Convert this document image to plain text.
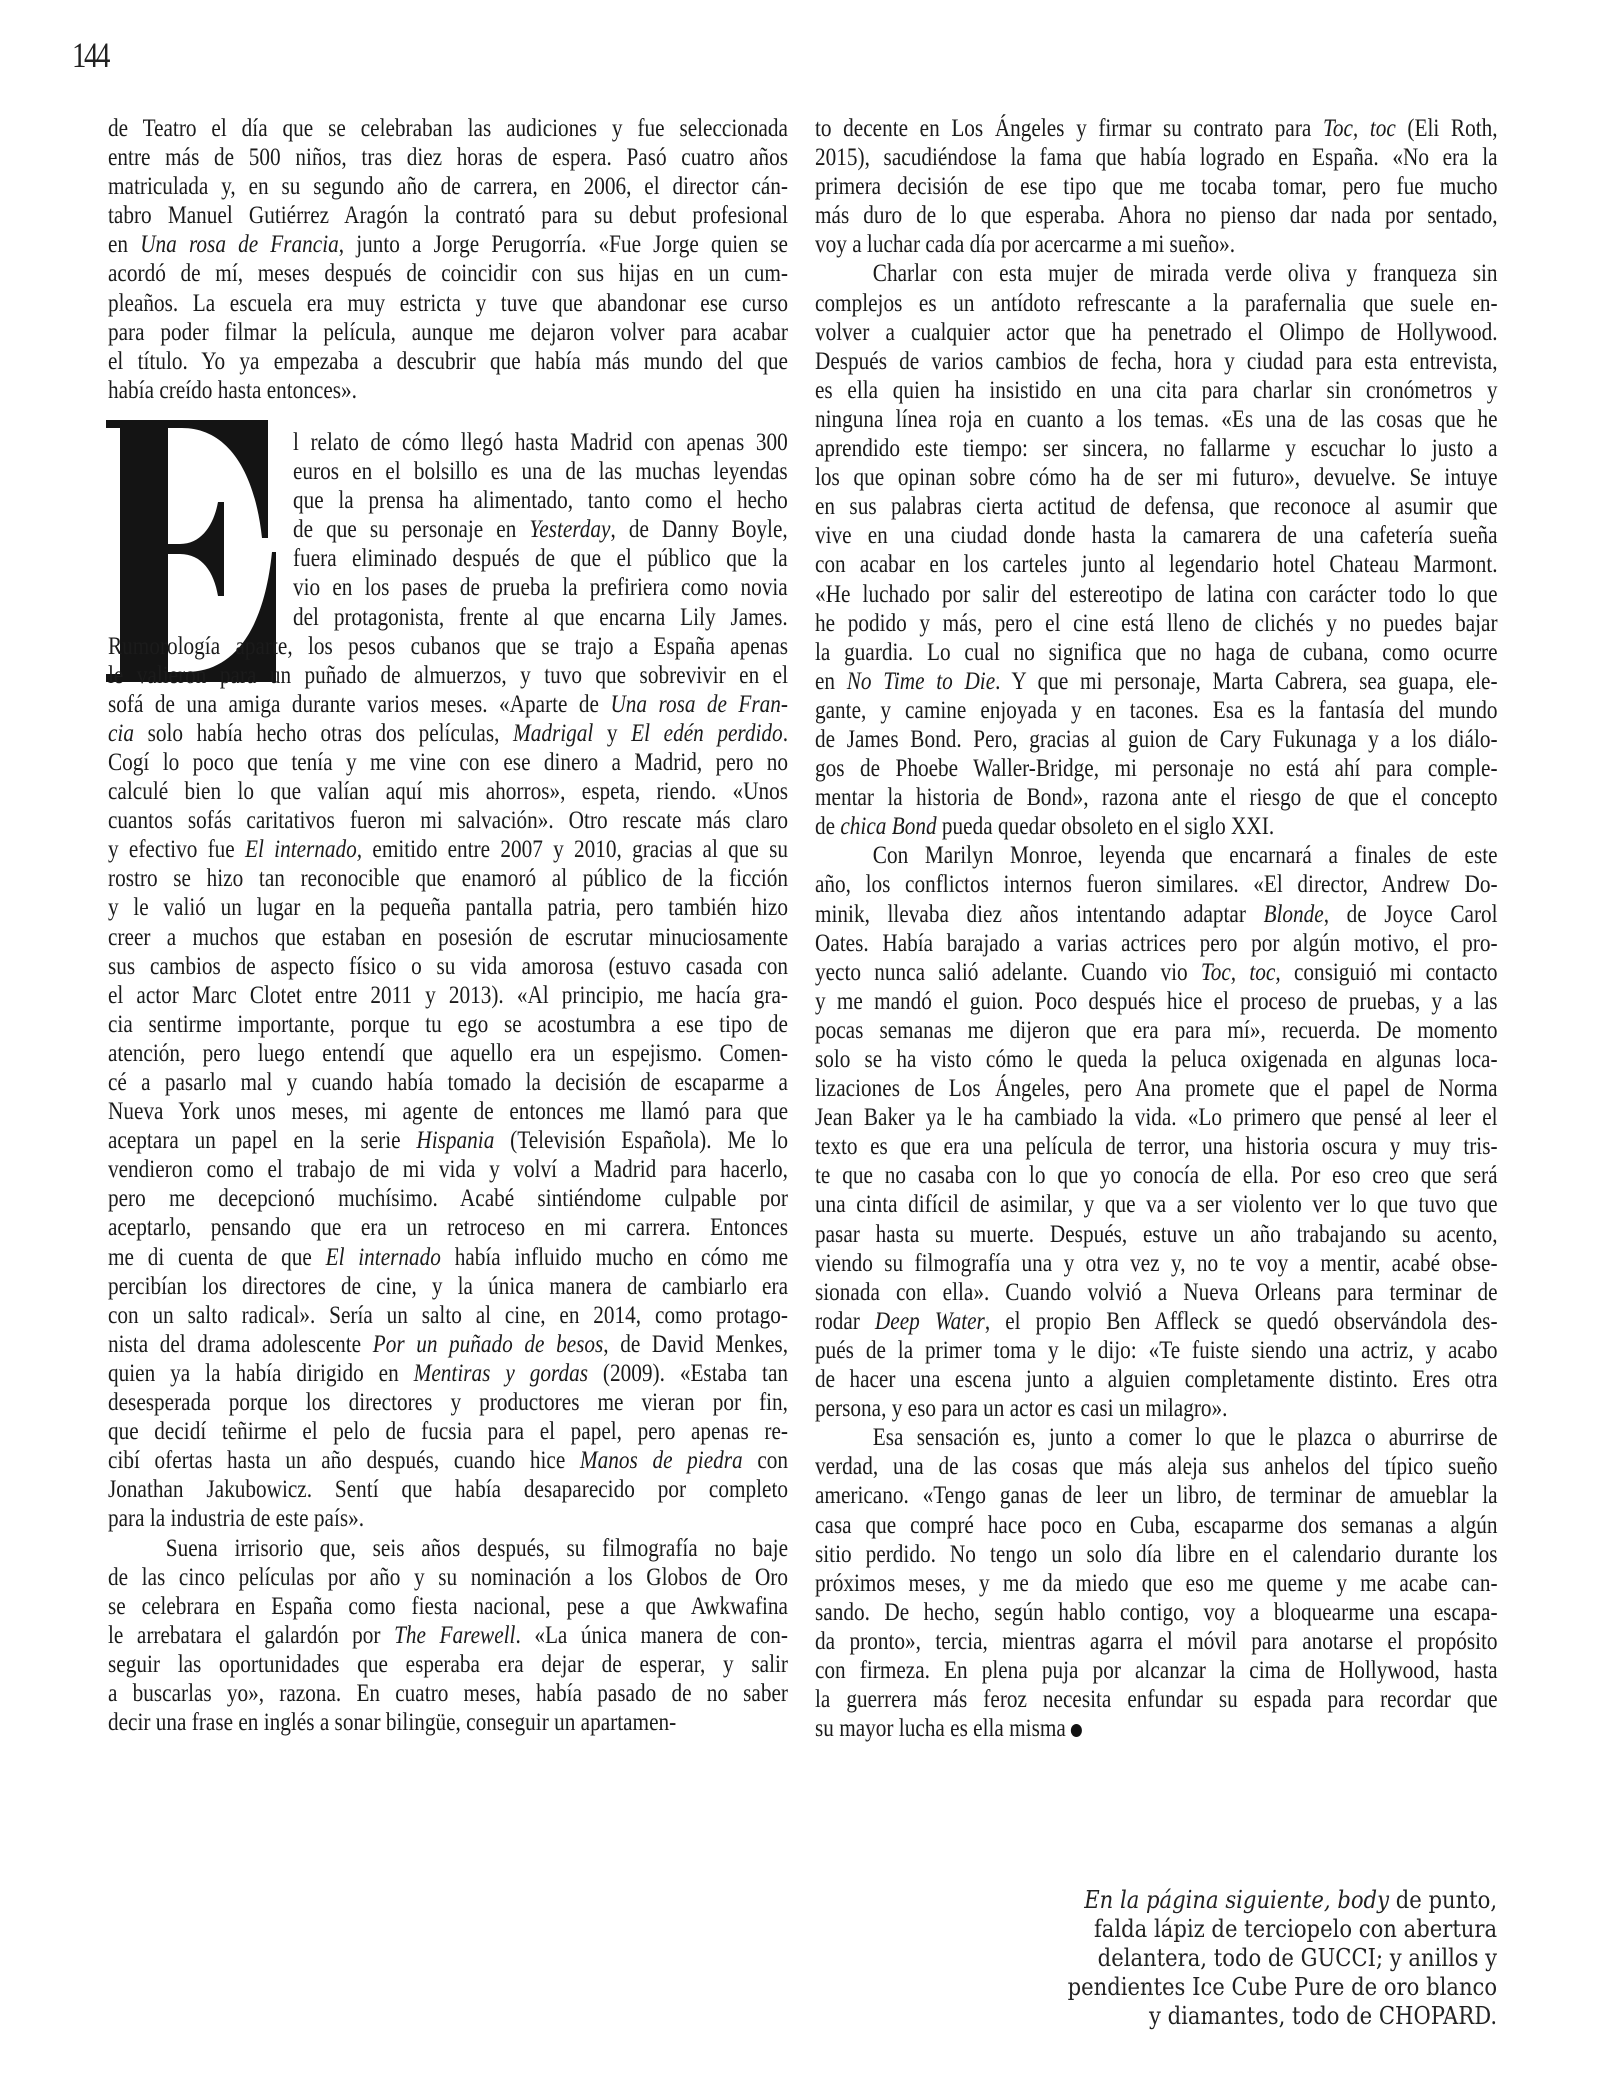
144
de Teatro el día que se celebraban las audiciones y fue seleccionada
entre más de 500 niños, tras diez horas de espera. Pasó cuatro años
matriculada y, en su segundo año de carrera, en 2006, el director cán-
tabro Manuel Gutiérrez Aragón la contrató para su debut profesional
en Una rosa de Francia, junto a Jorge Perugorría. «Fue Jorge quien se
acordó de mí, meses después de coincidir con sus hijas en un cum-
pleaños. La escuela era muy estricta y tuve que abandonar ese curso
para poder filmar la película, aunque me dejaron volver para acabar
el título. Yo ya empezaba a descubrir que había más mundo del que
había creído hasta entonces».
l relato de cómo llegó hasta Madrid con apenas 300
euros en el bolsillo es una de las muchas leyendas
que la prensa ha alimentado, tanto como el hecho
de que su personaje en Yesterday, de Danny Boyle,
fuera eliminado después de que el público que la
vio en los pases de prueba la prefiriera como novia
del protagonista, frente al que encarna Lily James.
Rumorología aparte, los pesos cubanos que se trajo a España apenas
le valieron para un puñado de almuerzos, y tuvo que sobrevivir en el
sofá de una amiga durante varios meses. «Aparte de Una rosa de Fran-
cia solo había hecho otras dos películas, Madrigal y El edén perdido.
Cogí lo poco que tenía y me vine con ese dinero a Madrid, pero no
calculé bien lo que valían aquí mis ahorros», espeta, riendo. «Unos
cuantos sofás caritativos fueron mi salvación». Otro rescate más claro
y efectivo fue El internado, emitido entre 2007 y 2010, gracias al que su
rostro se hizo tan reconocible que enamoró al público de la ficción
y le valió un lugar en la pequeña pantalla patria, pero también hizo
creer a muchos que estaban en posesión de escrutar minuciosamente
sus cambios de aspecto físico o su vida amorosa (estuvo casada con
el actor Marc Clotet entre 2011 y 2013). «Al principio, me hacía gra-
cia sentirme importante, porque tu ego se acostumbra a ese tipo de
atención, pero luego entendí que aquello era un espejismo. Comen-
cé a pasarlo mal y cuando había tomado la decisión de escaparme a
Nueva York unos meses, mi agente de entonces me llamó para que
aceptara un papel en la serie Hispania (Televisión Española). Me lo
vendieron como el trabajo de mi vida y volví a Madrid para hacerlo,
pero me decepcionó muchísimo. Acabé sintiéndome culpable por
aceptarlo, pensando que era un retroceso en mi carrera. Entonces
me di cuenta de que El internado había influido mucho en cómo me
percibían los directores de cine, y la única manera de cambiarlo era
con un salto radical». Sería un salto al cine, en 2014, como protago-
nista del drama adolescente Por un puñado de besos, de David Menkes,
quien ya la había dirigido en Mentiras y gordas (2009). «Estaba tan
desesperada porque los directores y productores me vieran por fin,
que decidí teñirme el pelo de fucsia para el papel, pero apenas re-
cibí ofertas hasta un año después, cuando hice Manos de piedra con
Jonathan Jakubowicz. Sentí que había desaparecido por completo
para la industria de este país».
Suena irrisorio que, seis años después, su filmografía no baje
de las cinco películas por año y su nominación a los Globos de Oro
se celebrara en España como fiesta nacional, pese a que Awkwafina
le arrebatara el galardón por The Farewell. «La única manera de con-
seguir las oportunidades que esperaba era dejar de esperar, y salir
a buscarlas yo», razona. En cuatro meses, había pasado de no saber
decir una frase en inglés a sonar bilingüe, conseguir un apartamen-
to decente en Los Ángeles y firmar su contrato para Toc, toc (Eli Roth,
2015), sacudiéndose la fama que había logrado en España. «No era la
primera decisión de ese tipo que me tocaba tomar, pero fue mucho
más duro de lo que esperaba. Ahora no pienso dar nada por sentado,
voy a luchar cada día por acercarme a mi sueño».
Charlar con esta mujer de mirada verde oliva y franqueza sin
complejos es un antídoto refrescante a la parafernalia que suele en-
volver a cualquier actor que ha penetrado el Olimpo de Hollywood.
Después de varios cambios de fecha, hora y ciudad para esta entrevista,
es ella quien ha insistido en una cita para charlar sin cronómetros y
ninguna línea roja en cuanto a los temas. «Es una de las cosas que he
aprendido este tiempo: ser sincera, no fallarme y escuchar lo justo a
los que opinan sobre cómo ha de ser mi futuro», devuelve. Se intuye
en sus palabras cierta actitud de defensa, que reconoce al asumir que
vive en una ciudad donde hasta la camarera de una cafetería sueña
con acabar en los carteles junto al legendario hotel Chateau Marmont.
«He luchado por salir del estereotipo de latina con carácter todo lo que
he podido y más, pero el cine está lleno de clichés y no puedes bajar
la guardia. Lo cual no significa que no haga de cubana, como ocurre
en No Time to Die. Y que mi personaje, Marta Cabrera, sea guapa, ele-
gante, y camine enjoyada y en tacones. Esa es la fantasía del mundo
de James Bond. Pero, gracias al guion de Cary Fukunaga y a los diálo-
gos de Phoebe Waller-Bridge, mi personaje no está ahí para comple-
mentar la historia de Bond», razona ante el riesgo de que el concepto
de chica Bond pueda quedar obsoleto en el siglo XXI.
Con Marilyn Monroe, leyenda que encarnará a finales de este
año, los conflictos internos fueron similares. «El director, Andrew Do-
minik, llevaba diez años intentando adaptar Blonde, de Joyce Carol
Oates. Había barajado a varias actrices pero por algún motivo, el pro-
yecto nunca salió adelante. Cuando vio Toc, toc, consiguió mi contacto
y me mandó el guion. Poco después hice el proceso de pruebas, y a las
pocas semanas me dijeron que era para mí», recuerda. De momento
solo se ha visto cómo le queda la peluca oxigenada en algunas loca-
lizaciones de Los Ángeles, pero Ana promete que el papel de Norma
Jean Baker ya le ha cambiado la vida. «Lo primero que pensé al leer el
texto es que era una película de terror, una historia oscura y muy tris-
te que no casaba con lo que yo conocía de ella. Por eso creo que será
una cinta difícil de asimilar, y que va a ser violento ver lo que tuvo que
pasar hasta su muerte. Después, estuve un año trabajando su acento,
viendo su filmografía una y otra vez y, no te voy a mentir, acabé obse-
sionada con ella». Cuando volvió a Nueva Orleans para terminar de
rodar Deep Water, el propio Ben Affleck se quedó observándola des-
pués de la primer toma y le dijo: «Te fuiste siendo una actriz, y acabo
de hacer una escena junto a alguien completamente distinto. Eres otra
persona, y eso para un actor es casi un milagro».
Esa sensación es, junto a comer lo que le plazca o aburrirse de
verdad, una de las cosas que más aleja sus anhelos del típico sueño
americano. «Tengo ganas de leer un libro, de terminar de amueblar la
casa que compré hace poco en Cuba, escaparme dos semanas a algún
sitio perdido. No tengo un solo día libre en el calendario durante los
próximos meses, y me da miedo que eso me queme y me acabe can-
sando. De hecho, según hablo contigo, voy a bloquearme una escapa-
da pronto», tercia, mientras agarra el móvil para anotarse el propósito
con firmeza. En plena puja por alcanzar la cima de Hollywood, hasta
la guerrera más feroz necesita enfundar su espada para recordar que
su mayor lucha es ella misma
En la página siguiente, body de punto,
falda lápiz de terciopelo con abertura
delantera, todo de GUCCI; y anillos y
pendientes Ice Cube Pure de oro blanco
y diamantes, todo de CHOPARD.
